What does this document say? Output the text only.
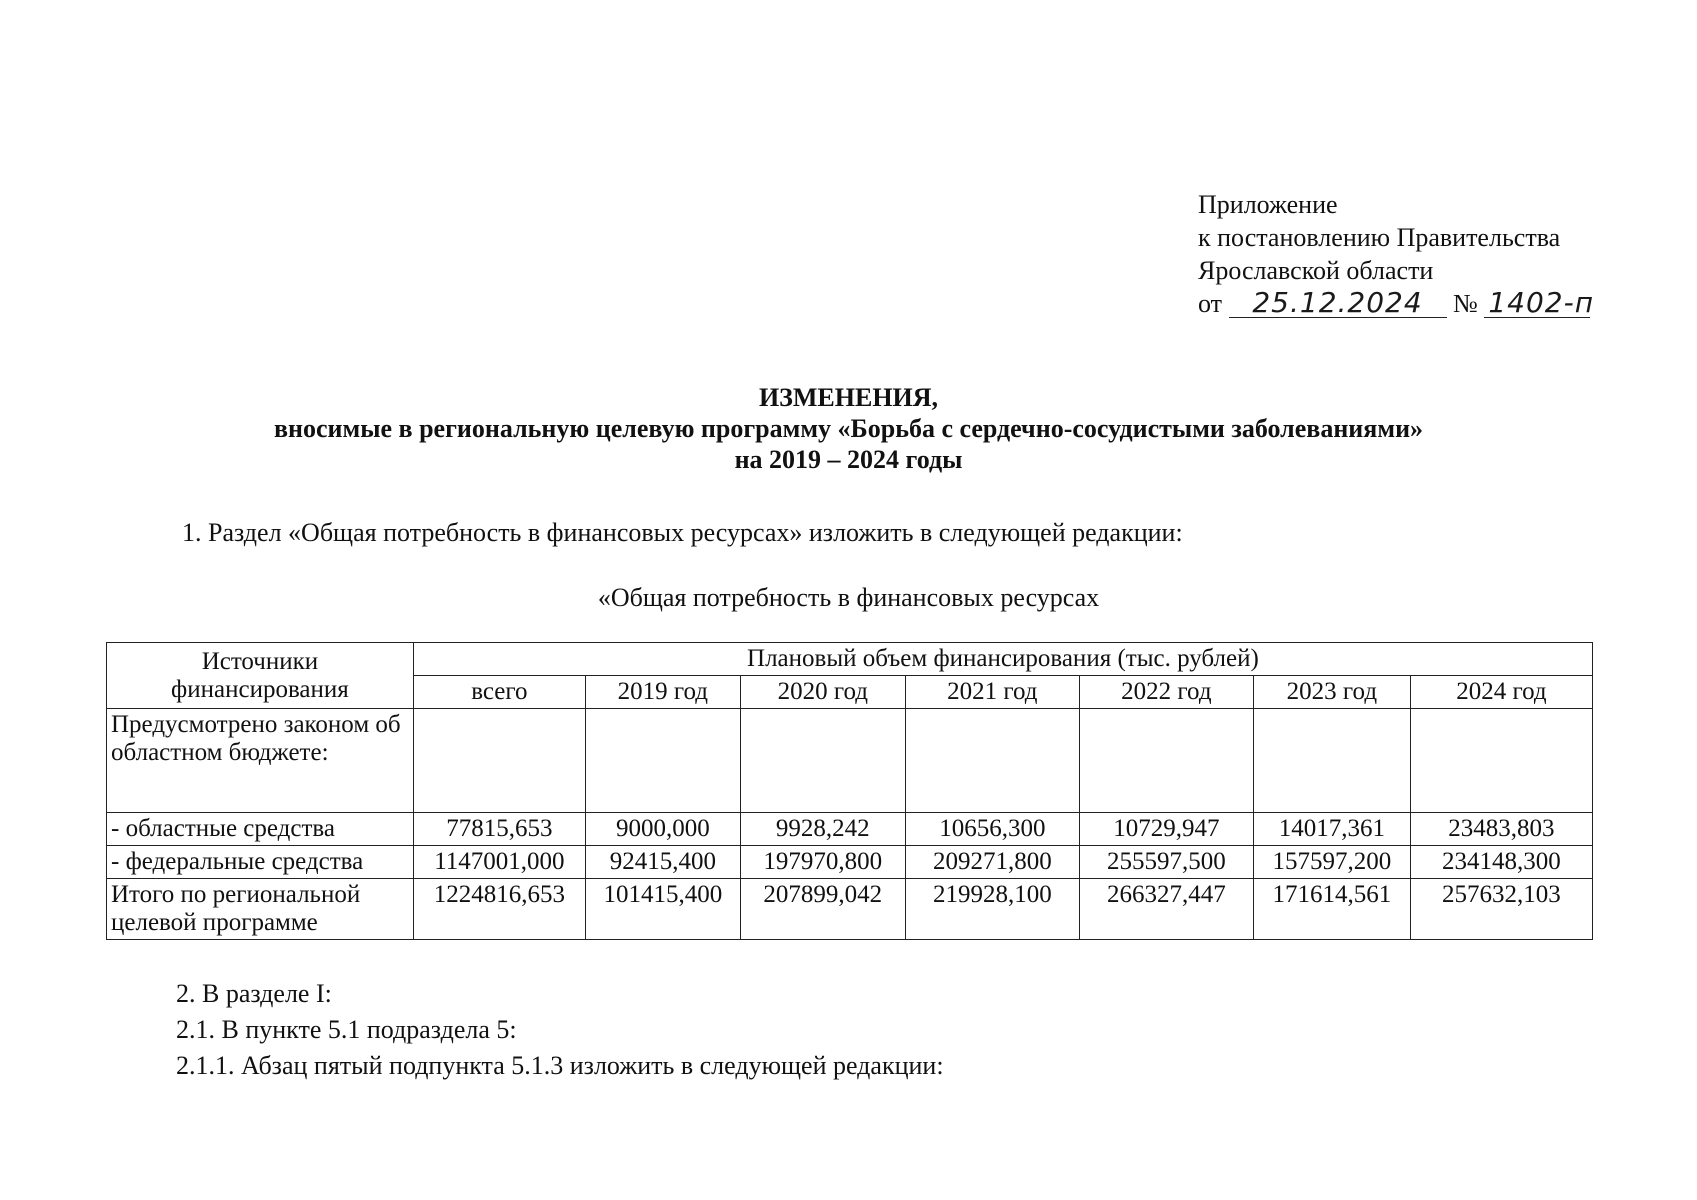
Приложение
к постановлению Правительства
Ярославской области
от 25.12.2024 № 1402-п
ИЗМЕНЕНИЯ,
вносимые в региональную целевую программу «Борьба с сердечно-сосудистыми заболеваниями»
на 2019 – 2024 годы
1. Раздел «Общая потребность в финансовых ресурсах» изложить в следующей редакции:
«Общая потребность в финансовых ресурсах
Источники финансирования	Плановый объем финансирования (тыс. рублей)						
	всего	2019 год	2020 год	2021 год	2022 год	2023 год	2024 год
Предусмотрено законом об областном бюджете:							
- областные средства	77815,653	9000,000	9928,242	10656,300	10729,947	14017,361	23483,803
- федеральные средства	1147001,000	92415,400	197970,800	209271,800	255597,500	157597,200	234148,300
Итого по региональной целевой программе	1224816,653	101415,400	207899,042	219928,100	266327,447	171614,561	257632,103
2. В разделе I:
2.1. В пункте 5.1 подраздела 5:
2.1.1. Абзац пятый подпункта 5.1.3 изложить в следующей редакции:
